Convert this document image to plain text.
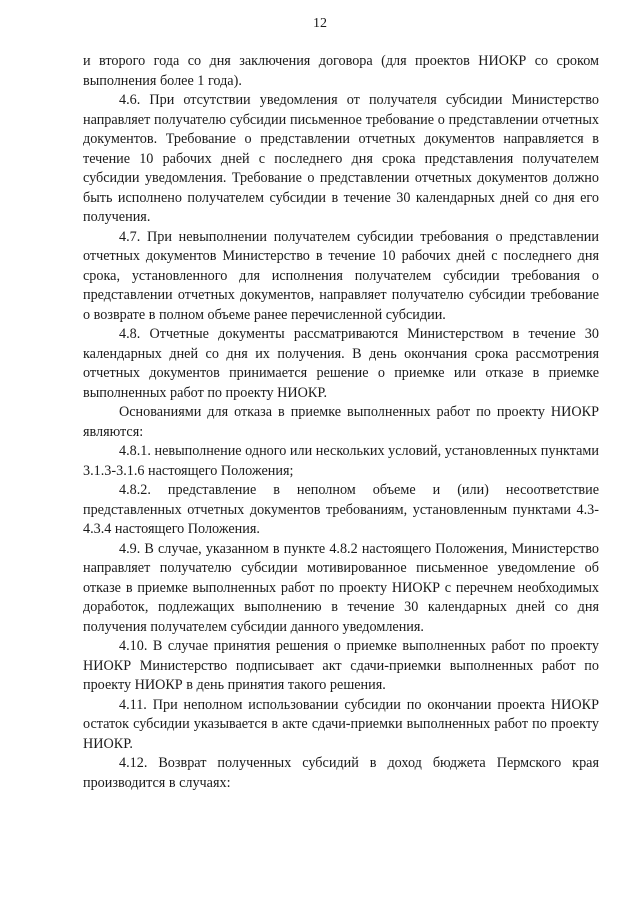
12

и второго года со дня заключения договора (для проектов НИОКР со сроком выполнения более 1 года).

4.6. При отсутствии уведомления от получателя субсидии Министерство направляет получателю субсидии письменное требование о представлении отчетных документов. Требование о представлении отчетных документов направляется в течение 10 рабочих дней с последнего дня срока представления получателем субсидии уведомления. Требование о представлении отчетных документов должно быть исполнено получателем субсидии в течение 30 календарных дней со дня его получения.

4.7. При невыполнении получателем субсидии требования о представлении отчетных документов Министерство в течение 10 рабочих дней с последнего дня срока, установленного для исполнения получателем субсидии требования о представлении отчетных документов, направляет получателю субсидии требование о возврате в полном объеме ранее перечисленной субсидии.

4.8. Отчетные документы рассматриваются Министерством в течение 30 календарных дней со дня их получения. В день окончания срока рассмотрения отчетных документов принимается решение о приемке или отказе в приемке выполненных работ по проекту НИОКР.

Основаниями для отказа в приемке выполненных работ по проекту НИОКР являются:

4.8.1. невыполнение одного или нескольких условий, установленных пунктами 3.1.3-3.1.6 настоящего Положения;

4.8.2. представление в неполном объеме и (или) несоответствие представленных отчетных документов требованиям, установленным пунктами 4.3-4.3.4 настоящего Положения.

4.9. В случае, указанном в пункте 4.8.2 настоящего Положения, Министерство направляет получателю субсидии мотивированное письменное уведомление об отказе в приемке выполненных работ по проекту НИОКР с перечнем необходимых доработок, подлежащих выполнению в течение 30 календарных дней со дня получения получателем субсидии данного уведомления.

4.10. В случае принятия решения о приемке выполненных работ по проекту НИОКР Министерство подписывает акт сдачи-приемки выполненных работ по проекту НИОКР в день принятия такого решения.

4.11. При неполном использовании субсидии по окончании проекта НИОКР остаток субсидии указывается в акте сдачи-приемки выполненных работ по проекту НИОКР.

4.12. Возврат полученных субсидий в доход бюджета Пермского края производится в случаях:
